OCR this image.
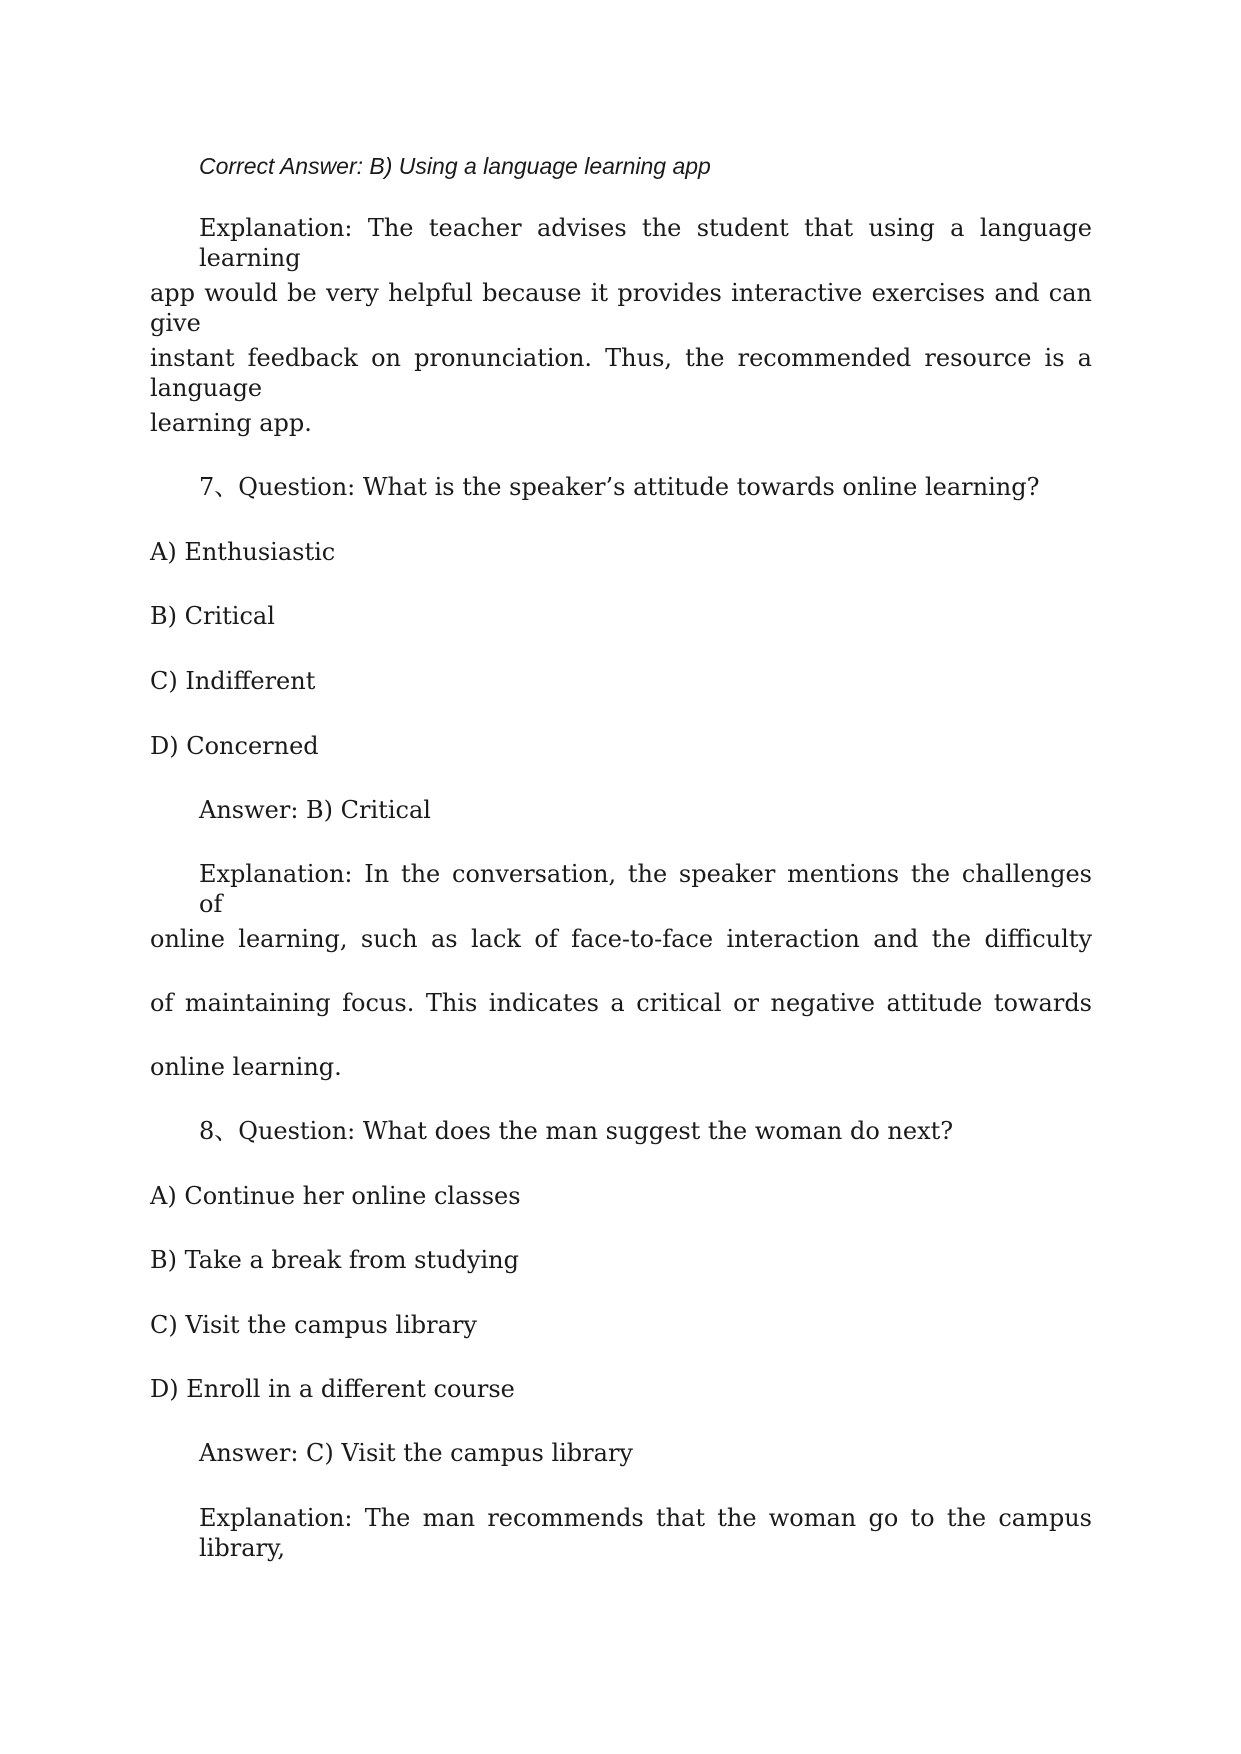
Correct Answer: B) Using a language learning app
Explanation: The teacher advises the student that using a language learning
app would be very helpful because it provides interactive exercises and can give
instant feedback on pronunciation. Thus, the recommended resource is a language
learning app.
7、Question: What is the speaker’s attitude towards online learning?
A) Enthusiastic
B) Critical
C) Indifferent
D) Concerned
Answer: B) Critical
Explanation: In the conversation, the speaker mentions the challenges of
online learning, such as lack of face-to-face interaction and the difficulty
of maintaining focus. This indicates a critical or negative attitude towards
online learning.
8、Question: What does the man suggest the woman do next?
A) Continue her online classes
B) Take a break from studying
C) Visit the campus library
D) Enroll in a different course
Answer: C) Visit the campus library
Explanation: The man recommends that the woman go to the campus library,
